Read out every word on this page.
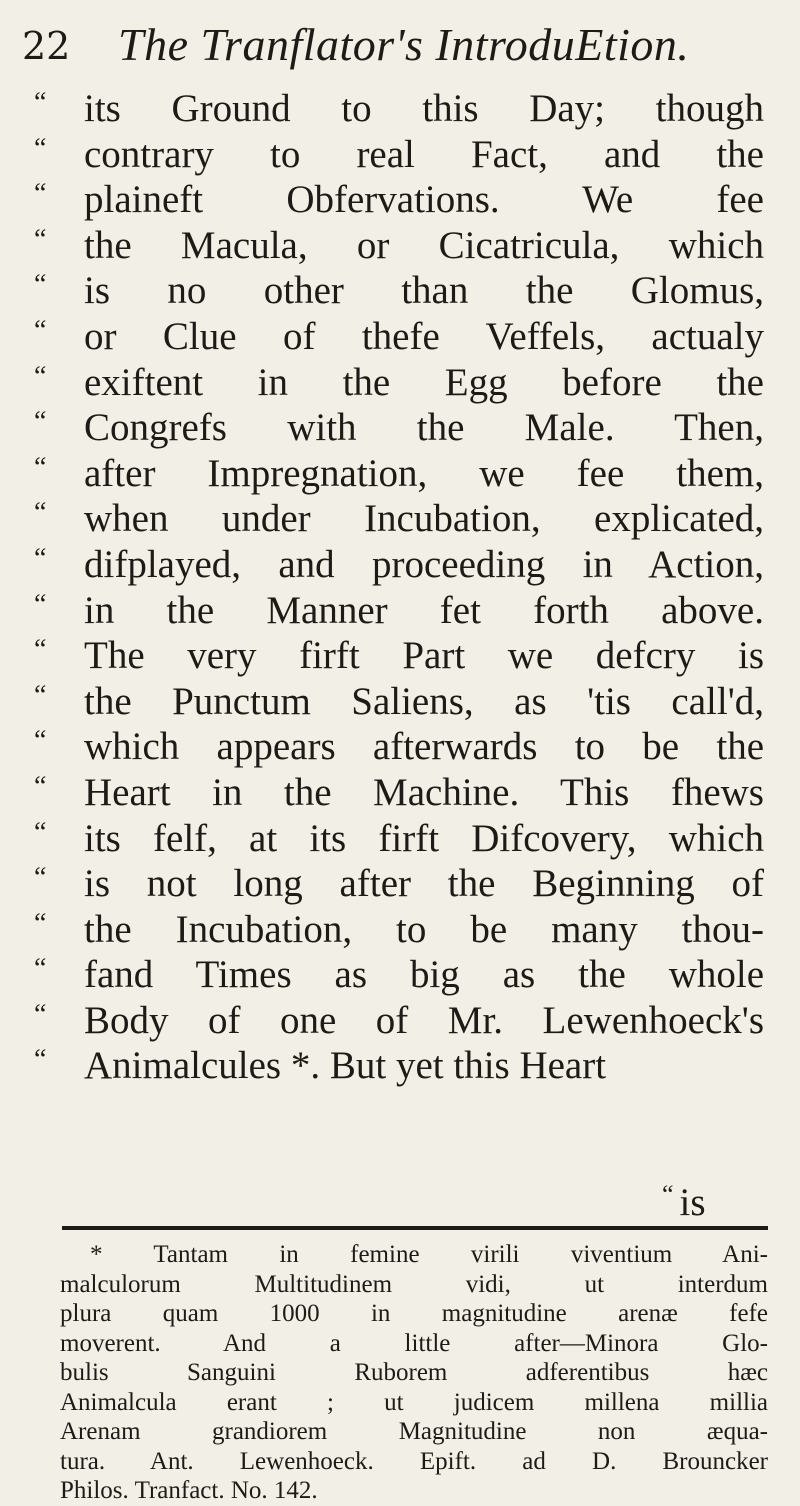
22 The Tranflator's IntroduEtion.
“ its Ground to this Day; though
“ contrary to real Fact, and the
“ plaineft Obfervations. We fee
“ the Macula, or Cicatricula, which
“ is no other than the Glomus,
“ or Clue of thefe Veffels, actualy
“ exiftent in the Egg before the
“ Congrefs with the Male. Then,
“ after Impregnation, we fee them,
“ when under Incubation, explicated,
“ difplayed, and proceeding in Action,
“ in the Manner fet forth above.
“ The very firft Part we defcry is
“ the Punctum Saliens, as 'tis call'd,
“ which appears afterwards to be the
“ Heart in the Machine. This fhews
“ its felf, at its firft Difcovery, which
“ is not long after the Beginning of
“ the Incubation, to be many thou-
“ fand Times as big as the whole
“ Body of one of Mr. Lewenhoeck's
“ Animalcules *. But yet this Heart
“ is
* Tantam in femine virili viventium Ani-
malculorum Multitudinem vidi, ut interdum
plura quam 1000 in magnitudine arenæ fefe
moverent. And a little after—Minora Glo-
bulis Sanguini Ruborem adferentibus hæc
Animalcula erant ; ut judicem millena millia
Arenam grandiorem Magnitudine non æqua-
tura. Ant. Lewenhoeck. Epift. ad D. Brouncker
Philos. Tranfact. No. 142.
